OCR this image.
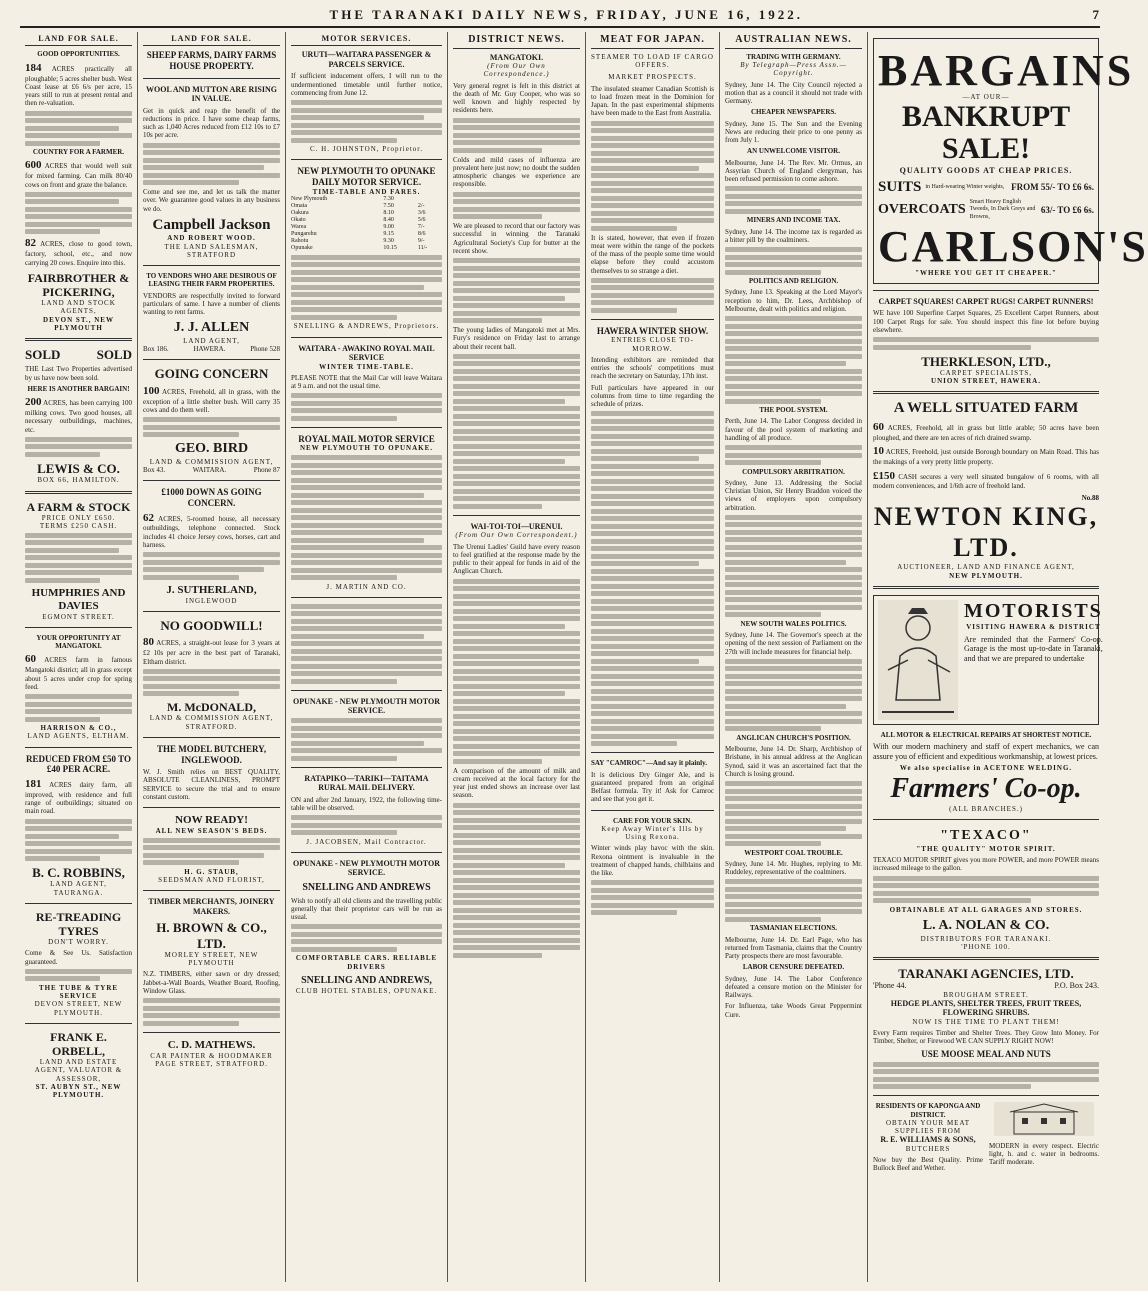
THE TARANAKI DAILY NEWS, FRIDAY, JUNE 16, 1922.	7
LAND FOR SALE.
GOOD OPPORTUNITIES.
184 ACRES practically all ploughable; 5 acres shelter bush. West Coast lease at £6 6/s per acre, 15 years still to run at present rental and then re-valuation.
COUNTRY FOR A FARMER.
600 ACRES that would well suit for mixed farming. Can milk 80/40 cows on front and graze the balance.
82 ACRES, close to good town, factory, school, etc., and now carrying 20 cows. Enquire into this.
FAIRBROTHER & PICKERING,
LAND AND STOCK AGENTS,
DEVON ST., NEW PLYMOUTH
SOLD	SOLD
THE Last Two Properties advertised by us have now been sold.
HERE IS ANOTHER BARGAIN!
200 ACRES, has been carrying 100 milking cows. Two good houses, all necessary outbuildings, machines, etc.
LEWIS & CO.
BOX 66, HAMILTON.
A FARM & STOCK
PRICE ONLY £650.
TERMS £250 CASH.
HUMPHRIES AND DAVIES
EGMONT STREET.
YOUR OPPORTUNITY AT MANGATOKI.
60 ACRES farm in famous Mangatoki district; all in grass except about 5 acres under crop for spring feed.
HARRISON & CO.,
LAND AGENTS, ELTHAM.
REDUCED FROM £50 TO £40 PER ACRE.
181 ACRES dairy farm, all improved, with residence and full range of outbuildings; situated on main road.
B. C. ROBBINS,
LAND AGENT, TAURANGA.
RE-TREADING TYRES
DON'T WORRY.
Come & See Us. Satisfaction guaranteed.
THE TUBE & TYRE SERVICE
DEVON STREET, NEW PLYMOUTH.
FRANK E. ORBELL,
LAND AND ESTATE AGENT, VALUATOR & ASSESSOR,
ST. AUBYN ST., NEW PLYMOUTH.
LAND FOR SALE.
SHEEP FARMS, DAIRY FARMS HOUSE PROPERTY.
WOOL AND MUTTON ARE RISING IN VALUE.
Get in quick and reap the benefit of the reductions in price. I have some cheap farms, such as 1,040 Acres reduced from £12 10s to £7 10s per acre.
Come and see me, and let us talk the matter over. We guarantee good values in any business we do.
Campbell Jackson
AND ROBERT WOOD.
THE LAND SALESMAN, STRATFORD
TO VENDORS WHO ARE DESIROUS OF LEASING THEIR FARM PROPERTIES.
VENDORS are respectfully invited to forward particulars of same. I have a number of clients wanting to rent farms.
J. J. ALLEN
LAND AGENT,
Box 186.	HAWERA.	Phone 528
GOING CONCERN
100 ACRES, Freehold, all in grass, with the exception of a little shelter bush. Will carry 35 cows and do them well.
GEO. BIRD
LAND & COMMISSION AGENT,
Box 43.	WAITARA.	Phone 87
£1000 DOWN AS GOING CONCERN.
62 ACRES, 5-roomed house, all necessary outbuildings, telephone connected. Stock includes 41 choice Jersey cows, horses, cart and harness.
J. SUTHERLAND,
INGLEWOOD
NO GOODWILL!
80 ACRES, a straight-out lease for 3 years at £2 10s per acre in the best part of Taranaki, Eltham district.
M. McDONALD,
LAND & COMMISSION AGENT, STRATFORD.
THE MODEL BUTCHERY, INGLEWOOD.
W. J. Smith relies on BEST QUALITY, ABSOLUTE CLEANLINESS, PROMPT SERVICE to secure the trial and to ensure constant custom.
NOW READY!
ALL NEW SEASON'S BEDS.
H. G. STAUB,
SEEDSMAN AND FLORIST,
TIMBER MERCHANTS, JOINERY MAKERS.
H. BROWN & CO., LTD.
MORLEY STREET, NEW PLYMOUTH
N.Z. TIMBERS, either sawn or dry dressed; Jabbet-a-Wall Boards, Weather Board, Roofing, Window Glass.
C. D. MATHEWS.
CAR PAINTER & HOODMAKER
PAGE STREET, STRATFORD.
MOTOR SERVICES.
URUTI—WAITARA PASSENGER & PARCELS SERVICE.
If sufficient inducement offers, I will run to the undermentioned timetable until further notice, commencing from June 12.
C. H. JOHNSTON, Proprietor.
NEW PLYMOUTH TO OPUNAKE DAILY MOTOR SERVICE.
TIME-TABLE AND FARES.
New Plymouth	7.30	
Omata	7.50	2/-
Oakura	8.10	3/6
Okato	8.40	5/6
Warea	9.00	7/-
Pungarehu	9.15	8/6
Rahotu	9.30	9/-
Opunake	10.15	11/-
SNELLING & ANDREWS, Proprietors.
WAITARA - AWAKINO ROYAL MAIL SERVICE
WINTER TIME-TABLE.
PLEASE NOTE that the Mail Car will leave Waitara at 9 a.m. and not the usual time.
ROYAL MAIL MOTOR SERVICE
NEW PLYMOUTH TO OPUNAKE.
J. MARTIN AND CO.
OPUNAKE - NEW PLYMOUTH MOTOR SERVICE.
RATAPIKO—TARIKI—TAITAMA RURAL MAIL DELIVERY.
ON and after 2nd January, 1922, the following time-table will be observed.
J. JACOBSEN, Mail Contractor.
OPUNAKE - NEW PLYMOUTH MOTOR SERVICE.
SNELLING AND ANDREWS
Wish to notify all old clients and the travelling public generally that their proprietor cars will be run as usual.
COMFORTABLE CARS. RELIABLE DRIVERS
SNELLING AND ANDREWS,
CLUB HOTEL STABLES, OPUNAKE.
DISTRICT NEWS.
MANGATOKI.
(From Our Own Correspondence.)
Very general regret is felt in this district at the death of Mr. Guy Cooper, who was so well known and highly respected by residents here.
Colds and mild cases of influenza are prevalent here just now; no doubt the sudden atmospheric changes we experience are responsible.
We are pleased to record that our factory was successful in winning the Taranaki Agricultural Society's Cup for butter at the recent show.
The young ladies of Mangatoki met at Mrs. Fury's residence on Friday last to arrange about their recent ball.
WAI-TOI-TOI—URENUI.
(From Our Own Correspondent.)
The Urenui Ladies' Guild have every reason to feel gratified at the response made by the public to their appeal for funds in aid of the Anglican Church.
A comparison of the amount of milk and cream received at the local factory for the year just ended shows an increase over last season.
MEAT FOR JAPAN.
STEAMER TO LOAD IF CARGO OFFERS.
MARKET PROSPECTS.
The insulated steamer Canadian Scottish is to load frozen meat in the Dominion for Japan. In the past experimental shipments have been made to the East from Australia.
It is stated, however, that even if frozen meat were within the range of the pockets of the mass of the people some time would elapse before they could accustom themselves to so strange a diet.
HAWERA WINTER SHOW.
ENTRIES CLOSE TO-MORROW.
Intending exhibitors are reminded that entries the schools' competitions must reach the secretary on Saturday, 17th inst.
Full particulars have appeared in our columns from time to time regarding the schedule of prizes.
SAY "CAMROC"—And say it plainly.
It is delicious Dry Ginger Ale, and is guaranteed prepared from an original Belfast formula. Try it! Ask for Camroc and see that you get it.
CARE FOR YOUR SKIN.
Keep Away Winter's Ills by Using Rexona.
Winter winds play havoc with the skin. Rexona ointment is invaluable in the treatment of chapped hands, chilblains and the like.
AUSTRALIAN NEWS.
TRADING WITH GERMANY.
By Telegraph—Press Assn.—Copyright.
Sydney, June 14. The City Council rejected a motion that as a council it should not trade with Germany.
CHEAPER NEWSPAPERS.
Sydney, June 15. The Sun and the Evening News are reducing their price to one penny as from July 1.
AN UNWELCOME VISITOR.
Melbourne, June 14. The Rev. Mr. Ormus, an Assyrian Church of England clergyman, has been refused permission to come ashore.
MINERS AND INCOME TAX.
Sydney, June 14. The income tax is regarded as a bitter pill by the coalminers.
POLITICS AND RELIGION.
Sydney, June 13. Speaking at the Lord Mayor's reception to him, Dr. Lees, Archbishop of Melbourne, dealt with politics and religion.
THE POOL SYSTEM.
Perth, June 14. The Labor Congress decided in favour of the pool system of marketing and handling of all produce.
COMPULSORY ARBITRATION.
Sydney, June 13. Addressing the Social Christian Union, Sir Henry Braddon voiced the views of employers upon compulsory arbitration.
NEW SOUTH WALES POLITICS.
Sydney, June 14. The Governor's speech at the opening of the next session of Parliament on the 27th will include measures for financial help.
ANGLICAN CHURCH'S POSITION.
Melbourne, June 14. Dr. Sharp, Archbishop of Brisbane, in his annual address at the Anglican Synod, said it was an ascertained fact that the Church is losing ground.
WESTPORT COAL TROUBLE.
Sydney, June 14. Mr. Hughes, replying to Mr. Ruddeley, representative of the coalminers.
TASMANIAN ELECTIONS.
Melbourne, June 14. Dr. Earl Page, who has returned from Tasmania, claims that the Country Party prospects there are most favourable.
LABOR CENSURE DEFEATED.
Sydney, June 14. The Labor Conference defeated a censure motion on the Minister for Railways.
For Influenza, take Woods Great Peppermint Cure.
BARGAINS
—AT OUR—
BANKRUPT SALE!
QUALITY GOODS AT CHEAP PRICES.
SUITS in Hard-wearing Winter weights, FROM 55/- TO £6 6s.
OVERCOATS Smart Heavy English Tweeds, In Dark Greys and Browns,
63/- TO £6 6s.
CARLSON'S
"WHERE YOU GET IT CHEAPER."
CARPET SQUARES! CARPET RUGS! CARPET RUNNERS!
WE have 100 Superfine Carpet Squares, 25 Excellent Carpet Runners, about 100 Carpet Rugs for sale. You should inspect this fine lot before buying elsewhere.
THERKLESON, LTD.,
CARPET SPECIALISTS,
UNION STREET, HAWERA.
A WELL SITUATED FARM
60 ACRES, Freehold, all in grass but little arable; 50 acres have been ploughed, and there are ten acres of rich drained swamp.
10 ACRES, Freehold, just outside Borough boundary on Main Road. This has the makings of a very pretty little property.
£150 CASH secures a very well situated bungalow of 6 rooms, with all modern conveniences, and 1/6th acre of freehold land.
No.88
NEWTON KING, LTD.
AUCTIONEER, LAND AND FINANCE AGENT,
NEW PLYMOUTH.
MOTORISTS
VISITING HAWERA & DISTRICT
Are reminded that the Farmers' Co-op. Garage is the most up-to-date in Taranaki, and that we are prepared to undertake
ALL MOTOR & ELECTRICAL REPAIRS AT SHORTEST NOTICE.
With our modern machinery and staff of expert mechanics, we can assure you of efficient and expeditious workmanship, at lowest prices.
We also specialise in ACETONE WELDING.
Farmers' Co-op.
(ALL BRANCHES.)
"TEXACO"
"THE QUALITY" MOTOR SPIRIT.
TEXACO MOTOR SPIRIT gives you more POWER, and more POWER means increased mileage to the gallon.
OBTAINABLE AT ALL GARAGES AND STORES.
L. A. NOLAN & CO.
DISTRIBUTORS FOR TARANAKI.
'PHONE 100.
TARANAKI AGENCIES, LTD.
'Phone 44.	P.O. Box 243.
BROUGHAM STREET.
HEDGE PLANTS, SHELTER TREES, FRUIT TREES, FLOWERING SHRUBS.
NOW IS THE TIME TO PLANT THEM!
Every Farm requires Timber and Shelter Trees. They Grow Into Money. For Timber, Shelter, or Firewood WE CAN SUPPLY RIGHT NOW!
USE MOOSE MEAL AND NUTS
RESIDENTS OF KAPONGA AND DISTRICT.
OBTAIN YOUR MEAT SUPPLIES FROM
R. E. WILLIAMS & SONS,
BUTCHERS
Now buy the Best Quality. Prime Bullock Beef and Wether.
MODERN in every respect. Electric light, h. and c. water in bedrooms. Tariff moderate.
